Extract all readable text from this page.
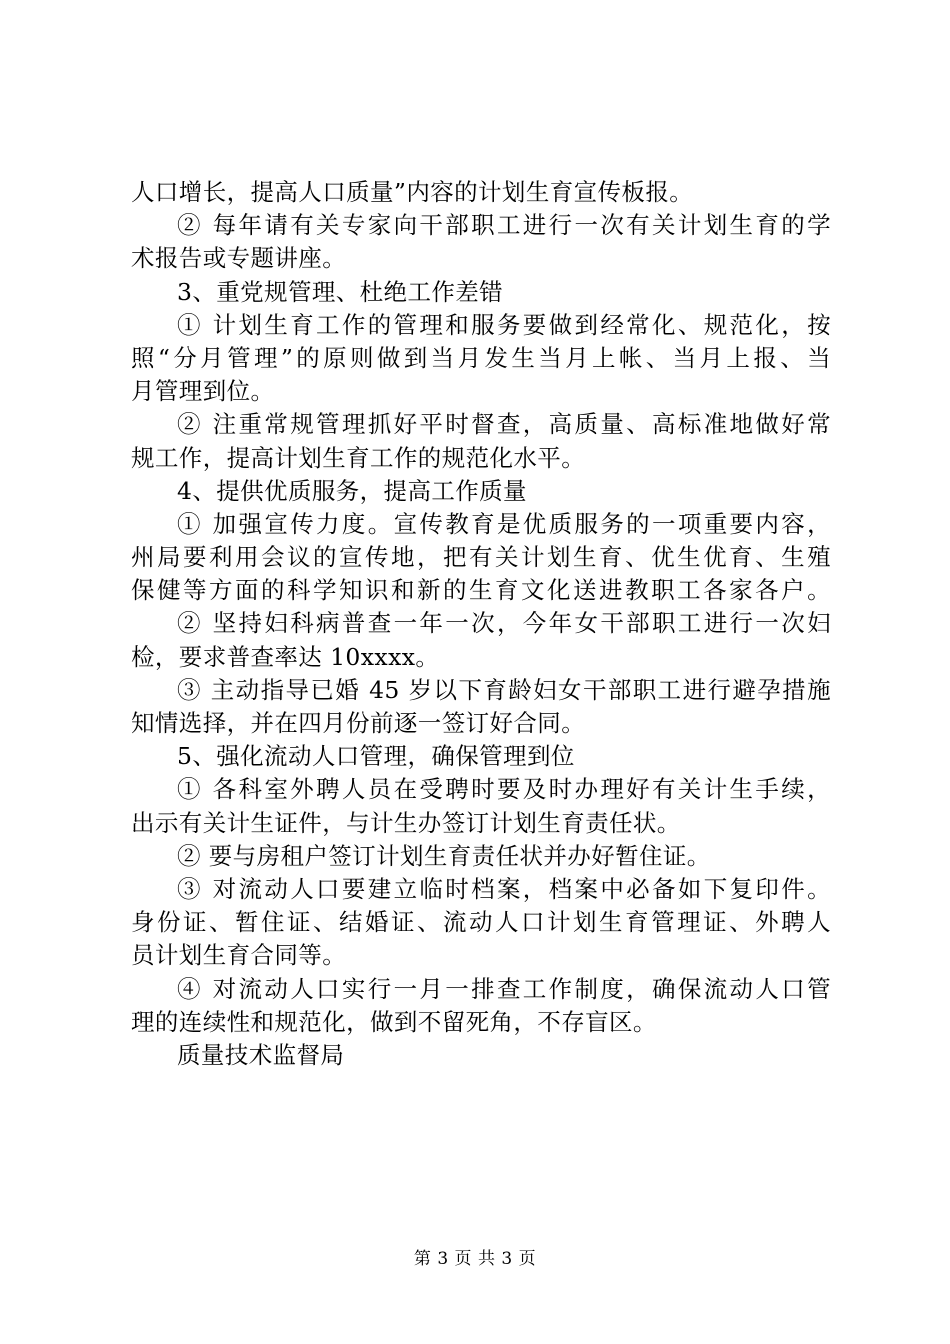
人口增长，提高人口质量”内容的计划生育宣传板报。
② 每年请有关专家向干部职工进行一次有关计划生育的学
术报告或专题讲座。
3、重党规管理、杜绝工作差错
① 计划生育工作的管理和服务要做到经常化、规范化，按
照“分月管理”的原则做到当月发生当月上帐、当月上报、当
月管理到位。
② 注重常规管理抓好平时督查，高质量、高标准地做好常
规工作，提高计划生育工作的规范化水平。
4、提供优质服务，提高工作质量
① 加强宣传力度。宣传教育是优质服务的一项重要内容，
州局要利用会议的宣传地，把有关计划生育、优生优育、生殖
保健等方面的科学知识和新的生育文化送进教职工各家各户。
② 坚持妇科病普查一年一次，今年女干部职工进行一次妇
检，要求普查率达 10xxxx。
③ 主动指导已婚 45 岁以下育龄妇女干部职工进行避孕措施
知情选择，并在四月份前逐一签订好合同。
5、强化流动人口管理，确保管理到位
① 各科室外聘人员在受聘时要及时办理好有关计生手续，
出示有关计生证件，与计生办签订计划生育责任状。
② 要与房租户签订计划生育责任状并办好暂住证。
③ 对流动人口要建立临时档案，档案中必备如下复印件。
身份证、暂住证、结婚证、流动人口计划生育管理证、外聘人
员计划生育合同等。
④ 对流动人口实行一月一排查工作制度，确保流动人口管
理的连续性和规范化，做到不留死角，不存盲区。
质量技术监督局
第 3 页 共 3 页
